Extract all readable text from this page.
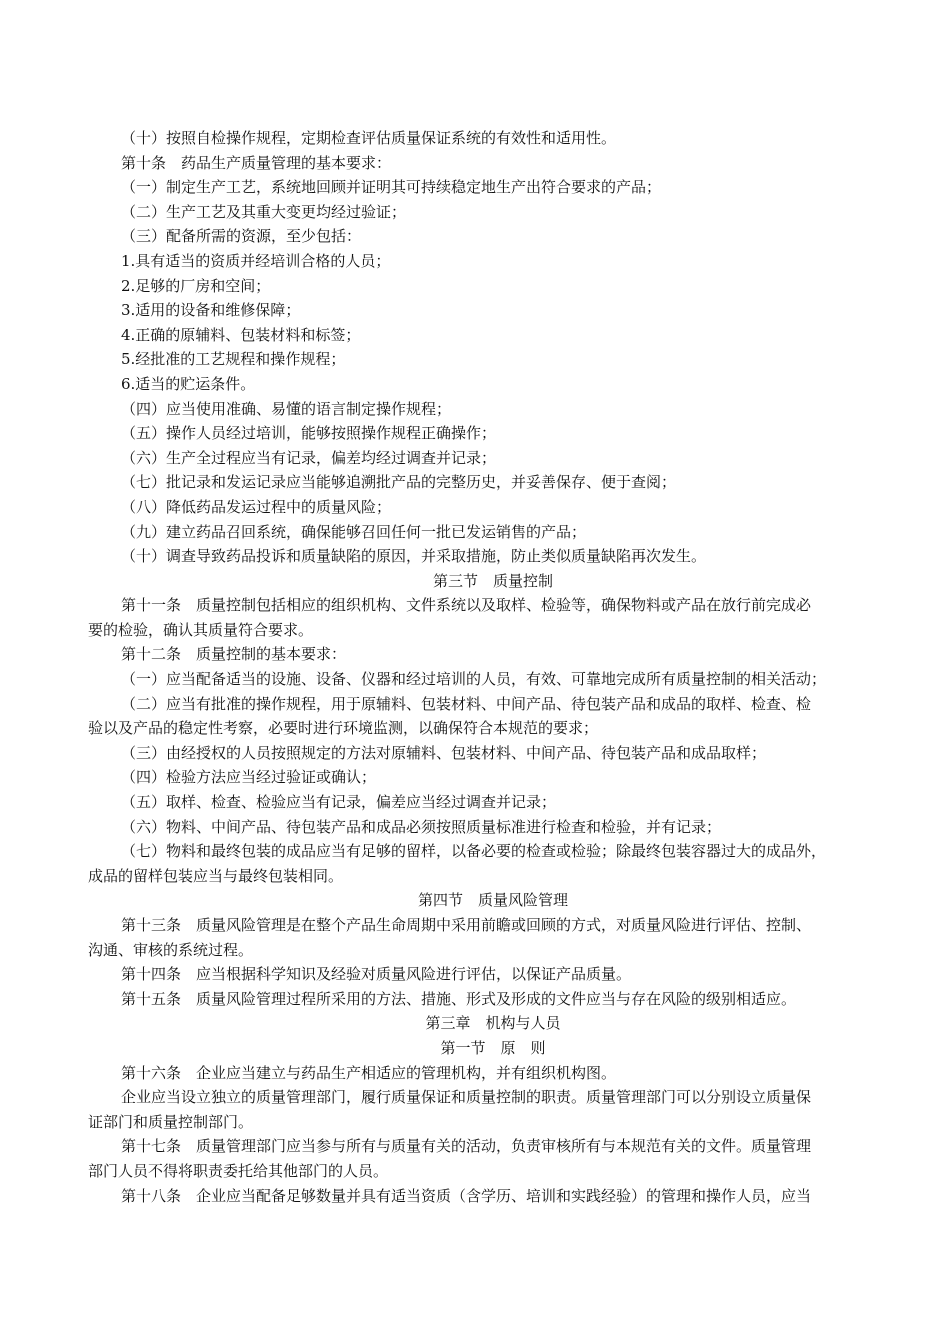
（十）按照自检操作规程，定期检查评估质量保证系统的有效性和适用性。
第十条　药品生产质量管理的基本要求：
（一）制定生产工艺，系统地回顾并证明其可持续稳定地生产出符合要求的产品；
（二）生产工艺及其重大变更均经过验证；
（三）配备所需的资源，至少包括：
1.具有适当的资质并经培训合格的人员；
2.足够的厂房和空间；
3.适用的设备和维修保障；
4.正确的原辅料、包装材料和标签；
5.经批准的工艺规程和操作规程；
6.适当的贮运条件。
（四）应当使用准确、易懂的语言制定操作规程；
（五）操作人员经过培训，能够按照操作规程正确操作；
（六）生产全过程应当有记录，偏差均经过调查并记录；
（七）批记录和发运记录应当能够追溯批产品的完整历史，并妥善保存、便于查阅；
（八）降低药品发运过程中的质量风险；
（九）建立药品召回系统，确保能够召回任何一批已发运销售的产品；
（十）调查导致药品投诉和质量缺陷的原因，并采取措施，防止类似质量缺陷再次发生。
第三节　质量控制
第十一条　质量控制包括相应的组织机构、文件系统以及取样、检验等，确保物料或产品在放行前完成必
要的检验，确认其质量符合要求。
第十二条　质量控制的基本要求：
（一）应当配备适当的设施、设备、仪器和经过培训的人员，有效、可靠地完成所有质量控制的相关活动；
（二）应当有批准的操作规程，用于原辅料、包装材料、中间产品、待包装产品和成品的取样、检查、检
验以及产品的稳定性考察，必要时进行环境监测，以确保符合本规范的要求；
（三）由经授权的人员按照规定的方法对原辅料、包装材料、中间产品、待包装产品和成品取样；
（四）检验方法应当经过验证或确认；
（五）取样、检查、检验应当有记录，偏差应当经过调查并记录；
（六）物料、中间产品、待包装产品和成品必须按照质量标准进行检查和检验，并有记录；
（七）物料和最终包装的成品应当有足够的留样，以备必要的检查或检验；除最终包装容器过大的成品外，
成品的留样包装应当与最终包装相同。
第四节　质量风险管理
第十三条　质量风险管理是在整个产品生命周期中采用前瞻或回顾的方式，对质量风险进行评估、控制、
沟通、审核的系统过程。
第十四条　应当根据科学知识及经验对质量风险进行评估，以保证产品质量。
第十五条　质量风险管理过程所采用的方法、措施、形式及形成的文件应当与存在风险的级别相适应。
第三章　机构与人员
第一节　原　则
第十六条　企业应当建立与药品生产相适应的管理机构，并有组织机构图。
企业应当设立独立的质量管理部门，履行质量保证和质量控制的职责。质量管理部门可以分别设立质量保
证部门和质量控制部门。
第十七条　质量管理部门应当参与所有与质量有关的活动，负责审核所有与本规范有关的文件。质量管理
部门人员不得将职责委托给其他部门的人员。
第十八条　企业应当配备足够数量并具有适当资质（含学历、培训和实践经验）的管理和操作人员，应当
